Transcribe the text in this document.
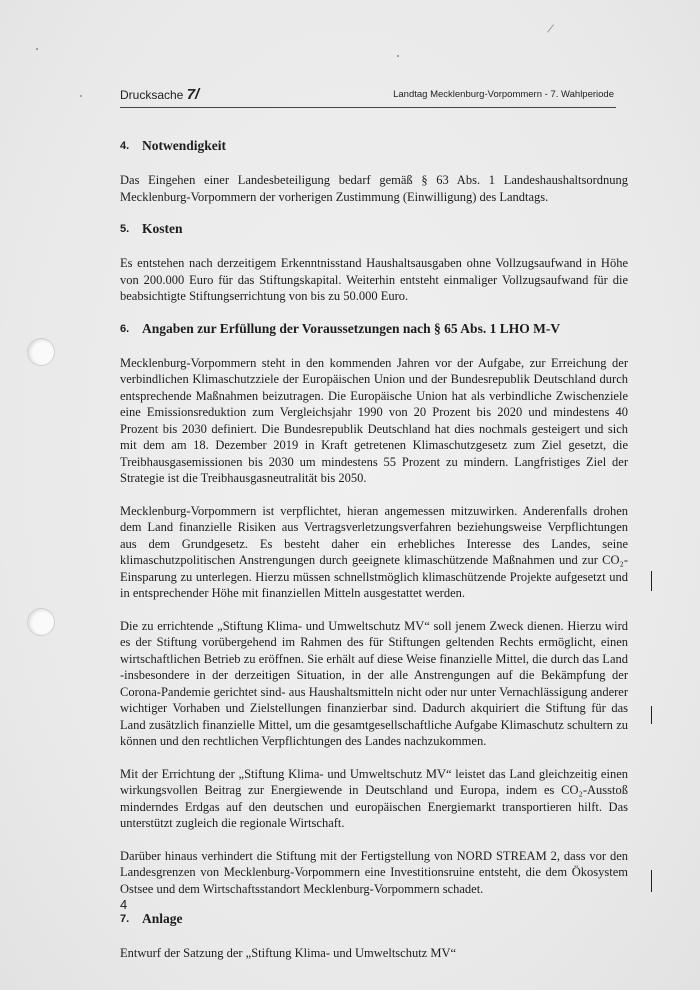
/
Drucksache 7/	Landtag Mecklenburg-Vorpommern - 7. Wahlperiode
4. Notwendigkeit

Das Eingehen einer Landesbeteiligung bedarf gemäß § 63 Abs. 1 Landeshaushaltsordnung Mecklenburg-Vorpommern der vorherigen Zustimmung (Einwilligung) des Landtags.

5. Kosten

Es entstehen nach derzeitigem Erkenntnisstand Haushaltsausgaben ohne Vollzugsaufwand in Höhe von 200.000 Euro für das Stiftungskapital. Weiterhin entsteht einmaliger Vollzugsaufwand für die beabsichtigte Stiftungserrichtung von bis zu 50.000 Euro.

6. Angaben zur Erfüllung der Voraussetzungen nach § 65 Abs. 1 LHO M-V

Mecklenburg-Vorpommern steht in den kommenden Jahren vor der Aufgabe, zur Erreichung der verbindlichen Klimaschutzziele der Europäischen Union und der Bundesrepublik Deutschland durch entsprechende Maßnahmen beizutragen. Die Europäische Union hat als verbindliche Zwischenziele eine Emissionsreduktion zum Vergleichsjahr 1990 von 20 Prozent bis 2020 und mindestens 40 Prozent bis 2030 definiert. Die Bundesrepublik Deutschland hat dies nochmals gesteigert und sich mit dem am 18. Dezember 2019 in Kraft getretenen Klimaschutzgesetz zum Ziel gesetzt, die Treibhausgasemissionen bis 2030 um mindestens 55 Prozent zu mindern. Langfristiges Ziel der Strategie ist die Treibhausgasneutralität bis 2050.

Mecklenburg-Vorpommern ist verpflichtet, hieran angemessen mitzuwirken. Anderenfalls drohen dem Land finanzielle Risiken aus Vertragsverletzungsverfahren beziehungsweise Verpflichtungen aus dem Grundgesetz. Es besteht daher ein erhebliches Interesse des Landes, seine klimaschutzpolitischen Anstrengungen durch geeignete klimaschützende Maßnahmen und zur CO₂-Einsparung zu unterlegen. Hierzu müssen schnellstmöglich klimaschützende Projekte aufgesetzt und in entsprechender Höhe mit finanziellen Mitteln ausgestattet werden.

Die zu errichtende „Stiftung Klima- und Umweltschutz MV“ soll jenem Zweck dienen. Hierzu wird es der Stiftung vorübergehend im Rahmen des für Stiftungen geltenden Rechts ermöglicht, einen wirtschaftlichen Betrieb zu eröffnen. Sie erhält auf diese Weise finanzielle Mittel, die durch das Land -insbesondere in der derzeitigen Situation, in der alle Anstrengungen auf die Bekämpfung der Corona-Pandemie gerichtet sind- aus Haushaltsmitteln nicht oder nur unter Vernachlässigung anderer wichtiger Vorhaben und Zielstellungen finanzierbar sind. Dadurch akquiriert die Stiftung für das Land zusätzlich finanzielle Mittel, um die gesamtgesellschaftliche Aufgabe Klimaschutz schultern zu können und den rechtlichen Verpflichtungen des Landes nachzukommen.

Mit der Errichtung der „Stiftung Klima- und Umweltschutz MV“ leistet das Land gleichzeitig einen wirkungsvollen Beitrag zur Energiewende in Deutschland und Europa, indem es CO₂-Ausstoß minderndes Erdgas auf den deutschen und europäischen Energiemarkt transportieren hilft. Das unterstützt zugleich die regionale Wirtschaft.

Darüber hinaus verhindert die Stiftung mit der Fertigstellung von NORD STREAM 2, dass vor den Landesgrenzen von Mecklenburg-Vorpommern eine Investitionsruine entsteht, die dem Ökosystem Ostsee und dem Wirtschaftsstandort Mecklenburg-Vorpommern schadet.

7. Anlage

Entwurf der Satzung der „Stiftung Klima- und Umweltschutz MV“

4
